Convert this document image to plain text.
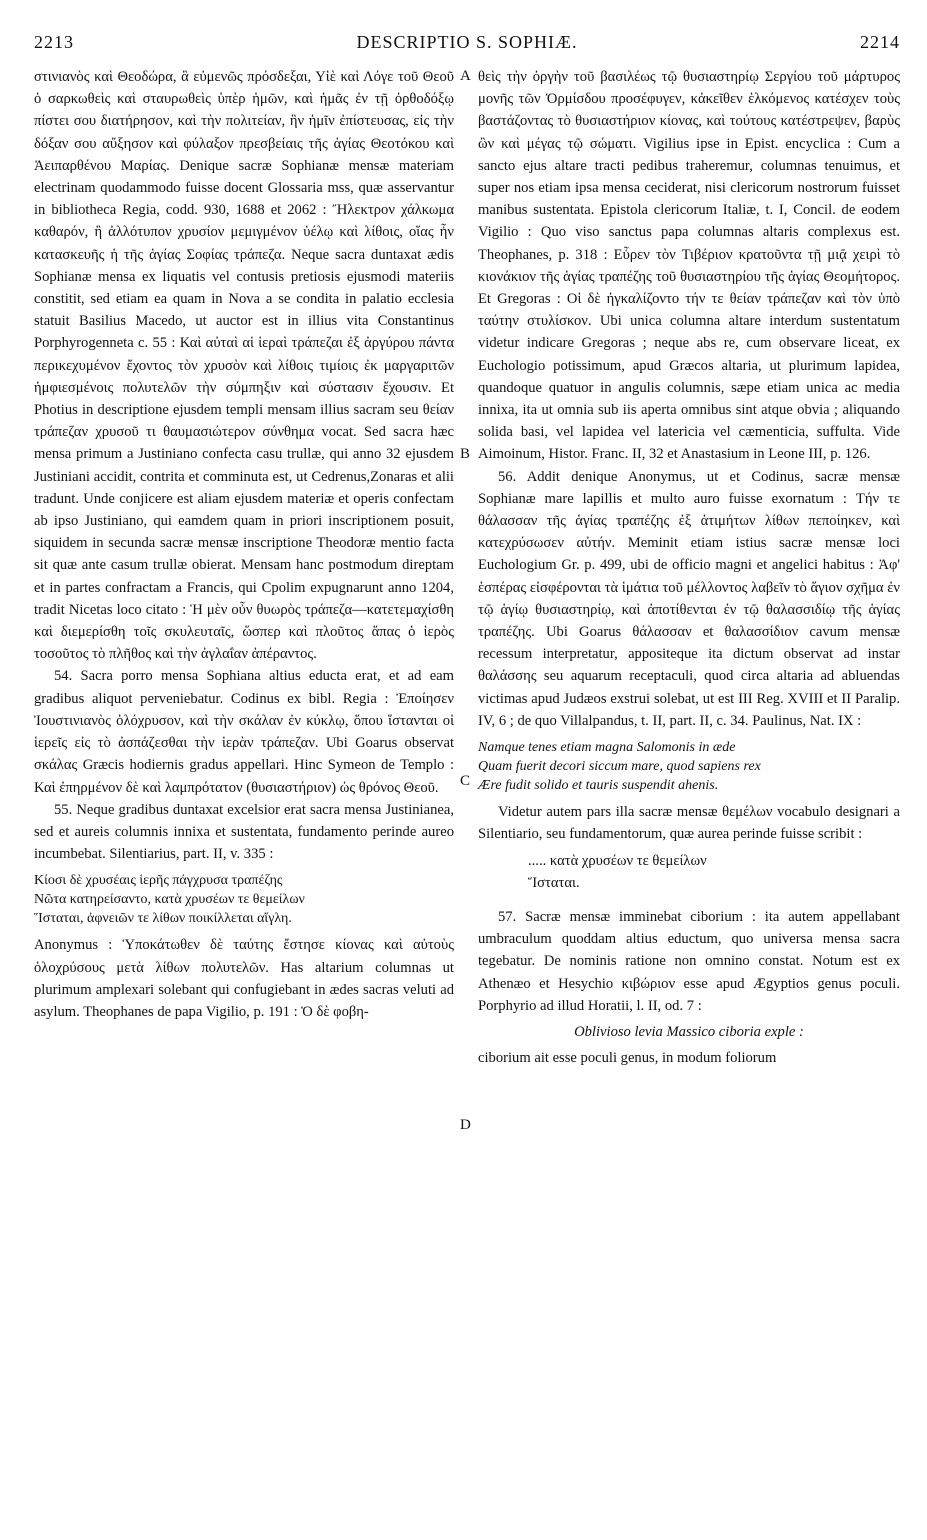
2213	DESCRIPTIO S. SOPHIÆ.	2214
A
B
C
D

στινιανὸς καὶ Θεοδώρα, ἃ εὐμενῶς πρόσδεξαι, Υἱὲ καὶ Λόγε τοῦ Θεοῦ ὁ σαρκωθεὶς καὶ σταυρωθεὶς ὑπὲρ ἡμῶν, καὶ ἡμᾶς ἐν τῇ ὀρθοδόξῳ πίστει σου διατήρησον, καὶ τὴν πολιτείαν, ἣν ἡμῖν ἐπίστευσας, εἰς τὴν δόξαν σου αὔξησον καὶ φύλαξον πρεσβείαις τῆς ἁγίας Θεοτόκου καὶ Ἀειπαρθένου Μαρίας. Denique sacræ Sophianæ mensæ materiam electrinam quodammodo fuisse docent Glossaria mss, quæ asservantur in bibliotheca Regia, codd. 930, 1688 et 2062 : Ἤλεκτρον χάλκωμα καθαρόν, ἢ ἀλλότυπον χρυσίον μεμιγμένον ὑέλῳ καὶ λίθοις, οἵας ἦν κατασκευῆς ἡ τῆς ἁγίας Σοφίας τράπεζα. Neque sacra duntaxat ædis Sophianæ mensa ex liquatis vel contusis pretiosis ejusmodi materiis constitit, sed etiam ea quam in Nova a se condita in palatio ecclesia statuit Basilius Macedo, ut auctor est in illius vita Constantinus Porphyrogenneta c. 55 : Καὶ αὐταὶ αἱ ἱεραὶ τράπεζαι ἐξ ἀργύρου πάντα περικεχυμένον ἔχοντος τὸν χρυσὸν καὶ λίθοις τιμίοις ἐκ μαργαριτῶν ἡμφιεσμένοις πολυτελῶν τὴν σύμπηξιν καὶ σύστασιν ἔχουσιν. Et Photius in descriptione ejusdem templi mensam illius sacram seu θείαν τράπεζαν χρυσοῦ τι θαυμασιώτερον σύνθημα vocat. Sed sacra hæc mensa primum a Justiniano confecta casu trullæ, qui anno 32 ejusdem Justiniani accidit, contrita et comminuta est, ut Cedrenus,Zonaras et alii tradunt. Unde conjicere est aliam ejusdem materiæ et operis confectam ab ipso Justiniano, qui eamdem quam in priori inscriptionem posuit, siquidem in secunda sacræ mensæ inscriptione Theodoræ mentio facta sit quæ ante casum trullæ obierat. Mensam hanc postmodum direptam et in partes confractam a Francis, qui Cpolim expugnarunt anno 1204, tradit Nicetas loco citato : Ἡ μὲν οὖν θυωρὸς τράπεζα—κατετεμαχίσθη καὶ διεμερίσθη τοῖς σκυλευταῖς, ὥσπερ καὶ πλοῦτος ἅπας ὁ ἱερὸς τοσοῦτος τὸ πλῆθος καὶ τὴν ἀγλαΐαν ἀπέραντος.

54. Sacra porro mensa Sophiana altius educta erat, et ad eam gradibus aliquot perveniebatur. Codinus ex bibl. Regia : Ἐποίησεν Ἰουστινιανὸς ὁλόχρυσον, καὶ τὴν σκάλαν ἐν κύκλῳ, ὅπου ἵστανται οἱ ἱερεῖς εἰς τὸ ἀσπάζεσθαι τὴν ἱερὰν τράπεζαν. Ubi Goarus observat σκάλας Græcis hodiernis gradus appellari. Hinc Symeon de Templo : Καὶ ἐπηρμένον δὲ καὶ λαμπρότατον (θυσιαστήριον) ὡς θρόνος Θεοῦ.

55. Neque gradibus duntaxat excelsior erat sacra mensa Justinianea, sed et aureis columnis innixa et sustentata, fundamento perinde aureo incumbebat. Silentiarius, part. II, v. 335 :

Κίοσι δὲ χρυσέαις ἱερῆς πάγχρυσα τραπέζης
Νῶτα κατηρείσαντο, κατὰ χρυσέων τε θεμείλων
Ἵσταται, ἀφνειῶν τε λίθων ποικίλλεται αἴγλη.

Anonymus : Ὑποκάτωθεν δὲ ταύτης ἔστησε κίονας καὶ αὐτοὺς ὁλοχρύσους μετὰ λίθων πολυτελῶν. Has altarium columnas ut plurimum amplexari solebant qui confugiebant in ædes sacras veluti ad asylum. Theophanes de papa Vigilio, p. 191 : Ὁ δὲ φοβη-

θεὶς τὴν ὀργὴν τοῦ βασιλέως τῷ θυσιαστηρίῳ Σεργίου τοῦ μάρτυρος μονῆς τῶν Ὁρμίσδου προσέφυγεν, κἀκεῖθεν ἑλκόμενος κατέσχεν τοὺς βαστάζοντας τὸ θυσιαστήριον κίονας, καὶ τούτους κατέστρεψεν, βαρὺς ὢν καὶ μέγας τῷ σώματι. Vigilius ipse in Epist. encyclica : Cum a sancto ejus altare tracti pedibus traheremur, columnas tenuimus, et super nos etiam ipsa mensa ceciderat, nisi clericorum nostrorum fuisset manibus sustentata. Epistola clericorum Italiæ, t. I, Concil. de eodem Vigilio : Quo viso sanctus papa columnas altaris complexus est. Theophanes, p. 318 : Εὗρεν τὸν Τιβέριον κρατοῦντα τῇ μιᾷ χειρὶ τὸ κιονάκιον τῆς ἁγίας τραπέζης τοῦ θυσιαστηρίου τῆς ἁγίας Θεομήτορος. Et Gregoras : Οἱ δὲ ἠγκαλίζοντο τήν τε θείαν τράπεζαν καὶ τὸν ὑπὸ ταύτην στυλίσκον. Ubi unica columna altare interdum sustentatum videtur indicare Gregoras ; neque abs re, cum observare liceat, ex Euchologio potissimum, apud Græcos altaria, ut plurimum lapidea, quandoque quatuor in angulis columnis, sæpe etiam unica ac media innixa, ita ut omnia sub iis aperta omnibus sint atque obvia ; aliquando solida basi, vel lapidea vel latericia vel cæmenticia, suffulta. Vide Aimoinum, Histor. Franc. II, 32 et Anastasium in Leone III, p. 126.

56. Addit denique Anonymus, ut et Codinus, sacræ mensæ Sophianæ mare lapillis et multo auro fuisse exornatum : Τήν τε θάλασσαν τῆς ἁγίας τραπέζης ἐξ ἀτιμήτων λίθων πεποίηκεν, καὶ κατεχρύσωσεν αὐτήν. Meminit etiam istius sacræ mensæ loci Euchologium Gr. p. 499, ubi de officio magni et angelici habitus : Ἀφ' ἑσπέρας εἰσφέρονται τὰ ἱμάτια τοῦ μέλλοντος λαβεῖν τὸ ἅγιον σχῆμα ἐν τῷ ἁγίῳ θυσιαστηρίῳ, καὶ ἀποτίθενται ἐν τῷ θαλασσιδίῳ τῆς ἁγίας τραπέζης. Ubi Goarus θάλασσαν et θαλασσίδιον cavum mensæ recessum interpretatur, appositeque ita dictum observat ad instar θαλάσσης seu aquarum receptaculi, quod circa altaria ad abluendas victimas apud Judæos exstrui solebat, ut est III Reg. XVIII et II Paralip. IV, 6 ; de quo Villalpandus, t. II, part. II, c. 34. Paulinus, Nat. IX :

Namque tenes etiam magna Salomonis in æde
Quam fuerit decori siccum mare, quod sapiens rex
Ære fudit solido et tauris suspendit ahenis.

Videtur autem pars illa sacræ mensæ θεμέλων vocabulo designari a Silentiario, seu fundamentorum, quæ aurea perinde fuisse scribit :

..... κατὰ χρυσέων τε θεμείλων
Ἵσταται.

57. Sacræ mensæ imminebat ciborium : ita autem appellabant umbraculum quoddam altius eductum, quo universa mensa sacra tegebatur. De nominis ratione non omnino constat. Notum est ex Athenæo et Hesychio κιβώριον esse apud Ægyptios genus poculi. Porphyrio ad illud Horatii, l. II, od. 7 :

Oblivioso levia Massico ciboria exple :

ciborium ait esse poculi genus, in modum foliorum
